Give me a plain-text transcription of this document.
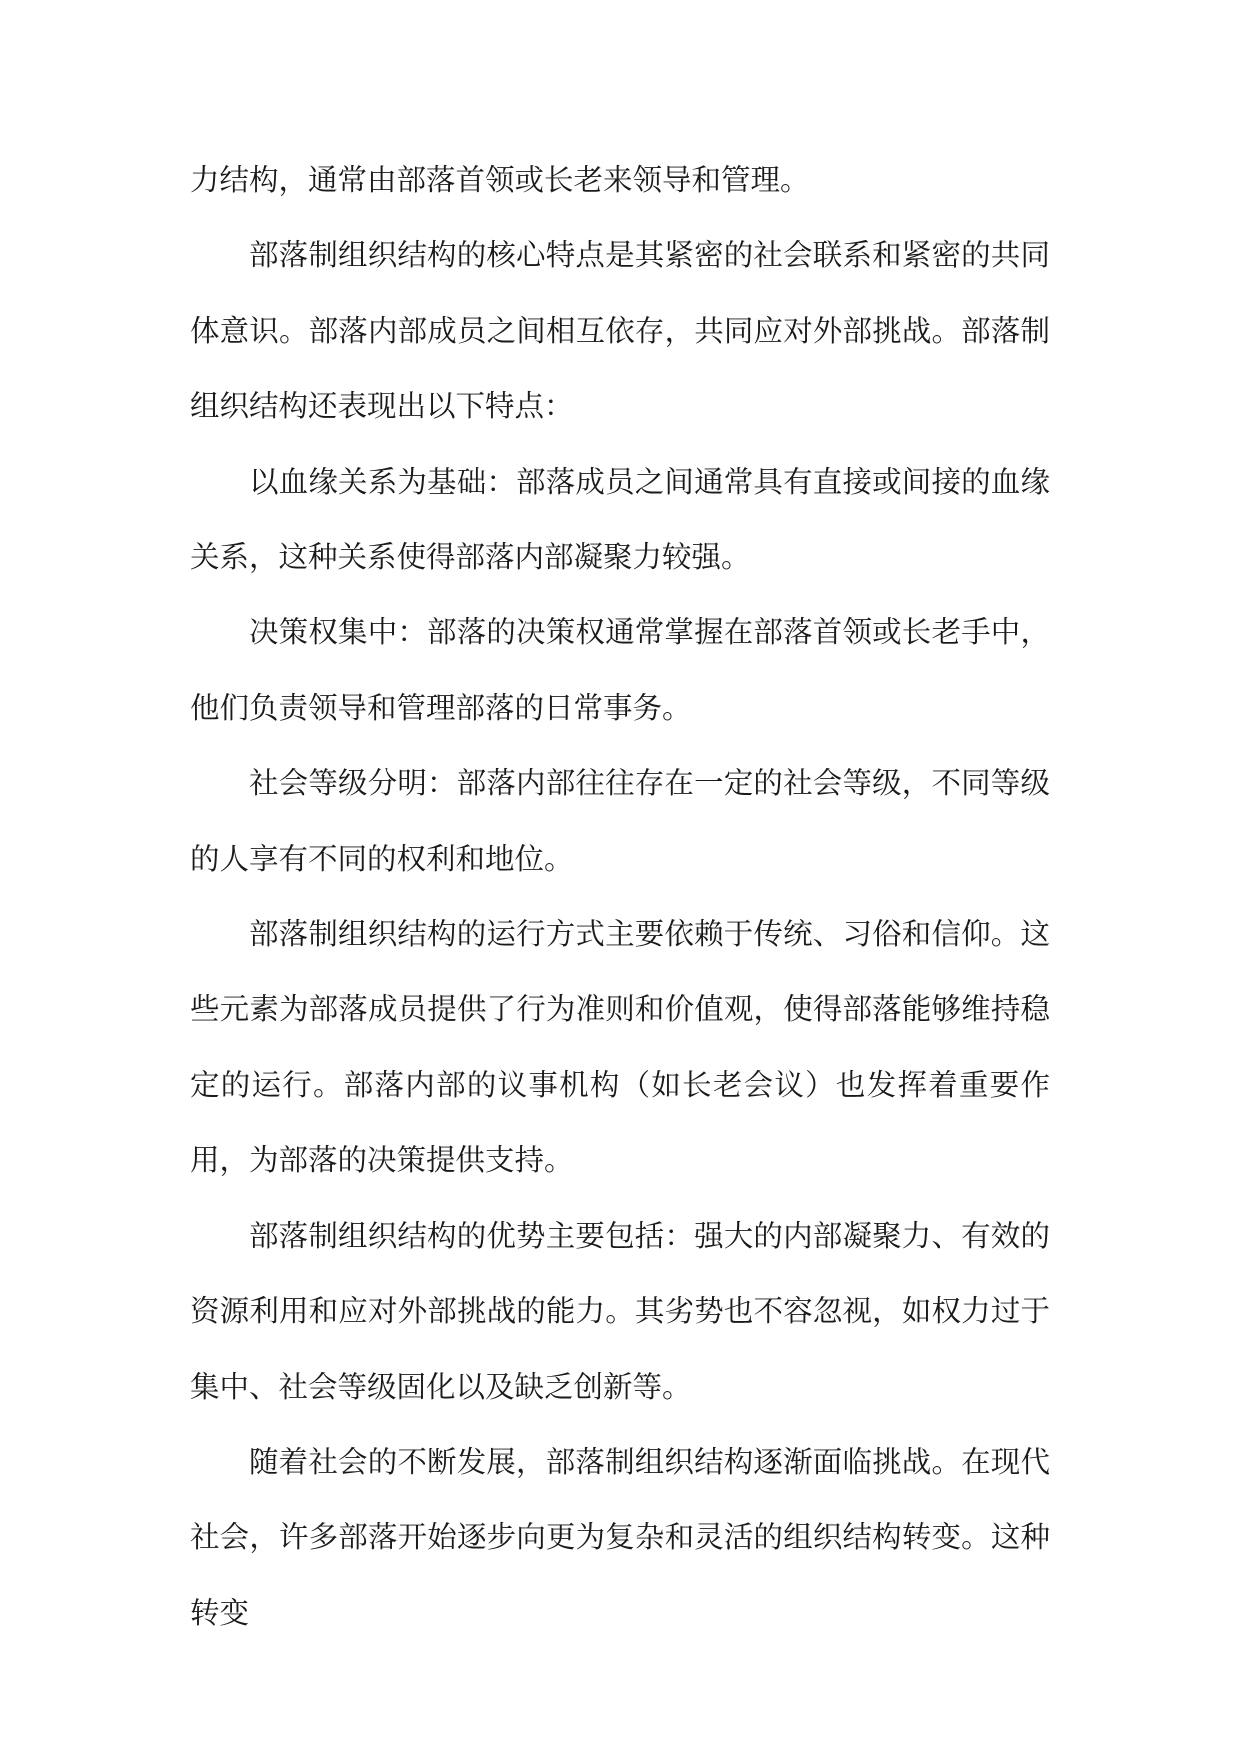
力结构，通常由部落首领或长老来领导和管理。

部落制组织结构的核心特点是其紧密的社会联系和紧密的共同体意识。部落内部成员之间相互依存，共同应对外部挑战。部落制组织结构还表现出以下特点：

以血缘关系为基础：部落成员之间通常具有直接或间接的血缘关系，这种关系使得部落内部凝聚力较强。

决策权集中：部落的决策权通常掌握在部落首领或长老手中，他们负责领导和管理部落的日常事务。

社会等级分明：部落内部往往存在一定的社会等级，不同等级的人享有不同的权利和地位。

部落制组织结构的运行方式主要依赖于传统、习俗和信仰。这些元素为部落成员提供了行为准则和价值观，使得部落能够维持稳定的运行。部落内部的议事机构（如长老会议）也发挥着重要作用，为部落的决策提供支持。

部落制组织结构的优势主要包括：强大的内部凝聚力、有效的资源利用和应对外部挑战的能力。其劣势也不容忽视，如权力过于集中、社会等级固化以及缺乏创新等。

随着社会的不断发展，部落制组织结构逐渐面临挑战。在现代社会，许多部落开始逐步向更为复杂和灵活的组织结构转变。这种转变
